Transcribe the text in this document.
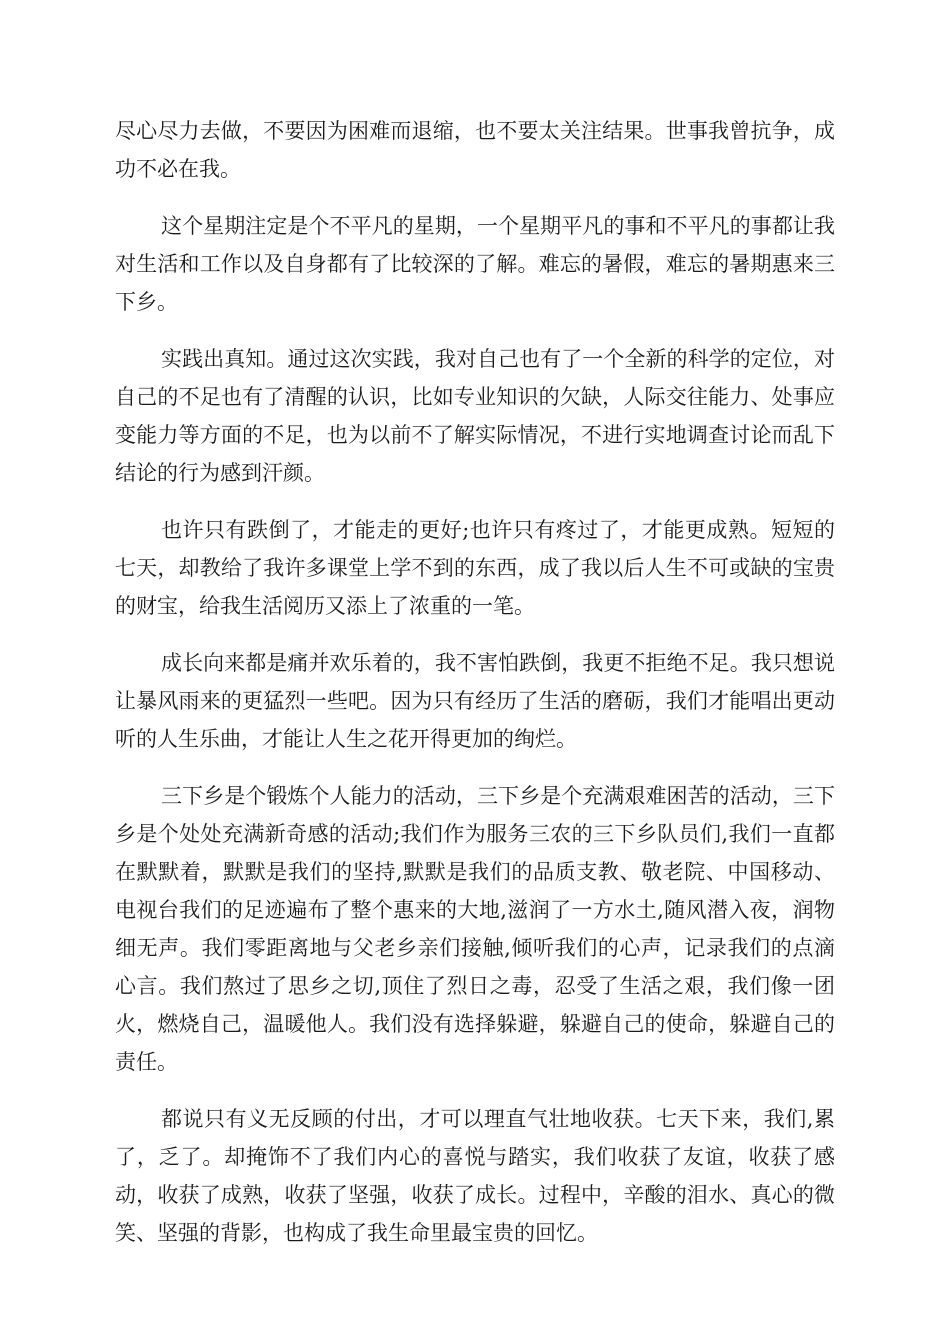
尽心尽力去做，不要因为困难而退缩，也不要太关注结果。世事我曾抗争，成功不必在我。

这个星期注定是个不平凡的星期，一个星期平凡的事和不平凡的事都让我对生活和工作以及自身都有了比较深的了解。难忘的暑假，难忘的暑期惠来三下乡。

实践出真知。通过这次实践，我对自己也有了一个全新的科学的定位，对自己的不足也有了清醒的认识，比如专业知识的欠缺，人际交往能力、处事应变能力等方面的不足，也为以前不了解实际情况，不进行实地调查讨论而乱下结论的行为感到汗颜。

也许只有跌倒了，才能走的更好;也许只有疼过了，才能更成熟。短短的七天，却教给了我许多课堂上学不到的东西，成了我以后人生不可或缺的宝贵的财宝，给我生活阅历又添上了浓重的一笔。

成长向来都是痛并欢乐着的，我不害怕跌倒，我更不拒绝不足。我只想说让暴风雨来的更猛烈一些吧。因为只有经历了生活的磨砺，我们才能唱出更动听的人生乐曲，才能让人生之花开得更加的绚烂。

三下乡是个锻炼个人能力的活动，三下乡是个充满艰难困苦的活动，三下乡是个处处充满新奇感的活动;我们作为服务三农的三下乡队员们,我们一直都在默默着，默默是我们的坚持,默默是我们的品质支教、敬老院、中国移动、电视台我们的足迹遍布了整个惠来的大地,滋润了一方水土,随风潜入夜，润物细无声。我们零距离地与父老乡亲们接触,倾听我们的心声，记录我们的点滴心言。我们熬过了思乡之切,顶住了烈日之毒，忍受了生活之艰，我们像一团火，燃烧自己，温暖他人。我们没有选择躲避，躲避自己的使命，躲避自己的责任。

都说只有义无反顾的付出，才可以理直气壮地收获。七天下来，我们,累了，乏了。却掩饰不了我们内心的喜悦与踏实，我们收获了友谊，收获了感动，收获了成熟，收获了坚强，收获了成长。过程中，辛酸的泪水、真心的微笑、坚强的背影，也构成了我生命里最宝贵的回忆。
